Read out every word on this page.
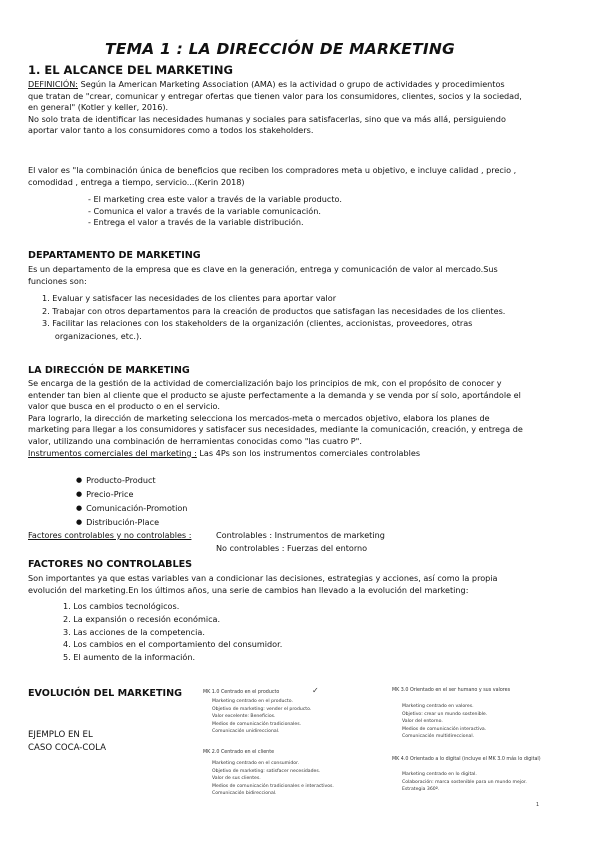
TEMA 1 : LA DIRECCIÓN DE MARKETING
1. EL ALCANCE DEL MARKETING
DEFINICIÓN: Según la American Marketing Association (AMA) es la actividad o grupo de actividades y procedimientos
que tratan de "crear, comunicar y entregar ofertas que tienen valor para los consumidores, clientes, socios y la sociedad,
en general" (Kotler y keller, 2016).
No solo trata de identificar las necesidades humanas y sociales para satisfacerlas, sino que va más allá, persiguiendo
aportar valor tanto a los consumidores como a todos los stakeholders.
El valor es "la combinación única de beneficios que reciben los compradores meta u objetivo, e incluye calidad , precio ,
comodidad , entrega a tiempo, servicio...(Kerin 2018)
- El marketing crea este valor a través de la variable producto.
- Comunica el valor a través de la variable comunicación.
- Entrega el valor a través de la variable distribución.
DEPARTAMENTO DE MARKETING
Es un departamento de la empresa que es clave en la generación, entrega y comunicación de valor al mercado.Sus
funciones son:
1. Evaluar y satisfacer las necesidades de los clientes para aportar valor
2. Trabajar con otros departamentos para la creación de productos que satisfagan las necesidades de los clientes.
3. Facilitar las relaciones con los stakeholders de la organización (clientes, accionistas, proveedores, otras
organizaciones, etc.).
LA DIRECCIÓN DE MARKETING
Se encarga de la gestión de la actividad de comercialización bajo los principios de mk, con el propósito de conocer y
entender tan bien al cliente que el producto se ajuste perfectamente a la demanda y se venda por sí solo, aportándole el
valor que busca en el producto o en el servicio.
Para lograrlo, la dirección de marketing selecciona los mercados-meta o mercados objetivo, elabora los planes de
marketing para llegar a los consumidores y satisfacer sus necesidades, mediante la comunicación, creación, y entrega de
valor, utilizando una combinación de herramientas conocidas como "las cuatro P".
Instrumentos comerciales del marketing : Las 4Ps son los instrumentos comerciales controlables
● Producto-Product
● Precio-Price
● Comunicación-Promotion
● Distribución-Place
Factores controlables y no controlables :	Controlables : Instrumentos de marketing
No controlables : Fuerzas del entorno
FACTORES NO CONTROLABLES
Son importantes ya que estas variables van a condicionar las decisiones, estrategias y acciones, así como la propia
evolución del marketing.En los últimos años, una serie de cambios han llevado a la evolución del marketing:
1. Los cambios tecnológicos.
2. La expansión o recesión económica.
3. Las acciones de la competencia.
4. Los cambios en el comportamiento del consumidor.
5. El aumento de la información.
EVOLUCIÓN DEL MARKETING
EJEMPLO EN EL
CASO COCA-COLA
MK 1.0 Centrado en el producto	✓
Marketing centrado en el producto.
Objetivo de marketing: vender el producto.
Valor excelente: Beneficios.
Medios de comunicación tradicionales.
Comunicación unidireccional.
MK 2.0 Centrado en el cliente
Marketing centrado en el consumidor.
Objetivo de marketing: satisfacer necesidades.
Valor de sus clientes.
Medios de comunicación tradicionales e interactivos.
Comunicación bidireccional.
MK 3.0 Orientado en el ser humano y sus valores
Marketing centrado en valores.
Objetivo: crear un mundo sostenible.
Valor del entorno.
Medios de comunicación interactiva.
Comunicación multidireccional.
MK 4.0 Orientado a lo digital (incluye el MK 3.0 más lo digital)
Marketing centrado en lo digital.
Colaboración: marca sostenible para un mundo mejor.
Estrategia 360º.
1
